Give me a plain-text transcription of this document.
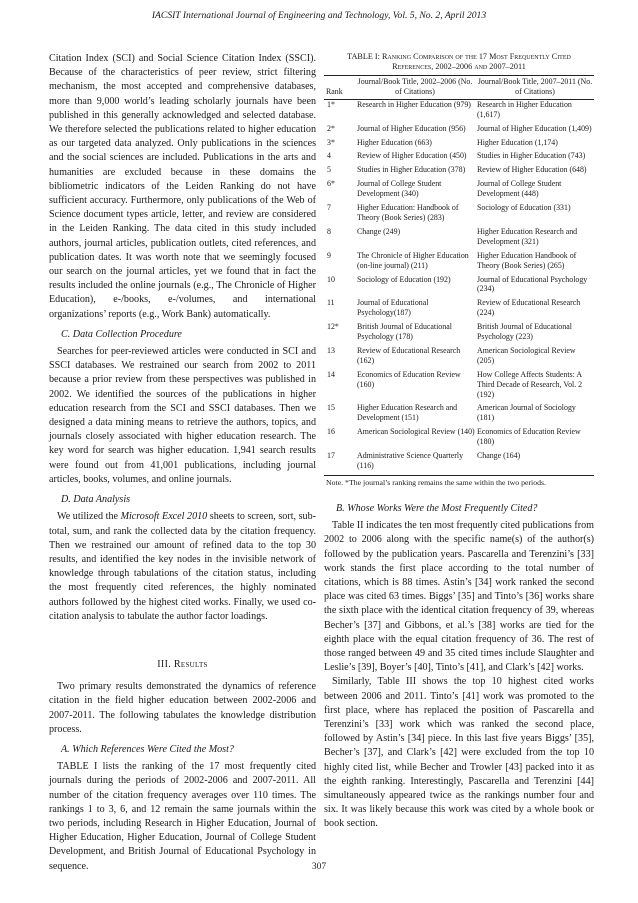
IACSIT International Journal of Engineering and Technology, Vol. 5, No. 2, April 2013

Citation Index (SCI) and Social Science Citation Index (SSCI). Because of the characteristics of peer review, strict filtering mechanism, the most accepted and comprehensive databases, more than 9,000 world’s leading scholarly journals have been published in this generally acknowledged and selected database. We therefore selected the publications related to higher education as our targeted data analyzed. Only publications in the sciences and the social sciences are included. Publications in the arts and humanities are excluded because in these domains the bibliometric indicators of the Leiden Ranking do not have sufficient accuracy. Furthermore, only publications of the Web of Science document types article, letter, and review are considered in the Leiden Ranking. The data cited in this study included authors, journal articles, publication outlets, cited references, and publication dates. It was worth note that we seemingly focused our search on the journal articles, yet we found that in fact the results included the online journals (e.g., The Chronicle of Higher Education), e-/books, e-/volumes, and international organizations’ reports (e.g., Work Bank) automatically.

C. Data Collection Procedure

Searches for peer-reviewed articles were conducted in SCI and SSCI databases. We restrained our search from 2002 to 2011 because a prior review from these perspectives was published in 2002. We identified the sources of the publications in higher education research from the SCI and SSCI databases. Then we designed a data mining means to retrieve the authors, topics, and journals closely associated with higher education research. The key word for search was higher education. 1,941 search results were found out from 41,001 publications, including journal articles, books, volumes, and online journals.

D. Data Analysis

We utilized the Microsoft Excel 2010 sheets to screen, sort, sub-total, sum, and rank the collected data by the citation frequency. Then we restrained our amount of refined data to the top 30 results, and identified the key nodes in the invisible network of knowledge through tabulations of the citation status, including the most frequently cited references, the highly nominated authors followed by the highest cited works. Finally, we used co-citation analysis to tabulate the author factor loadings.

III. Results

Two primary results demonstrated the dynamics of reference citation in the field higher education between 2002-2006 and 2007-2011. The following tabulates the knowledge distribution process.

A. Which References Were Cited the Most?

TABLE I lists the ranking of the 17 most frequently cited journals during the periods of 2002-2006 and 2007-2011. All number of the citation frequency averages over 110 times. The rankings 1 to 3, 6, and 12 remain the same journals within the two periods, including Research in Higher Education, Journal of Higher Education, Higher Education, Journal of College Student Development, and British Journal of Educational Psychology in sequence.

TABLE I: Ranking Comparison of the 17 Most Frequently Cited References, 2002–2006 and 2007–2011
Rank	Journal/Book Title, 2002–2006 (No. of Citations)	Journal/Book Title, 2007–2011 (No. of Citations)
1*	Research in Higher Education (979)	Research in Higher Education (1,617)
2*	Journal of Higher Education (956)	Journal of Higher Education (1,409)
3*	Higher Education (663)	Higher Education (1,174)
4	Review of Higher Education (450)	Studies in Higher Education (743)
5	Studies in Higher Education (378)	Review of Higher Education (648)
6*	Journal of College Student Development (340)	Journal of College Student Development (448)
7	Higher Education: Handbook of Theory (Book Series) (283)	Sociology of Education (331)
8	Change (249)	Higher Education Research and Development (321)
9	The Chronicle of Higher Education (on-line journal) (211)	Higher Education Handbook of Theory (Book Series) (265)
10	Sociology of Education (192)	Journal of Educational Psychology (234)
11	Journal of Educational Psychology(187)	Review of Educational Research (224)
12*	British Journal of Educational Psychology (178)	British Journal of Educational Psychology (223)
13	Review of Educational Research (162)	American Sociological Review (205)
14	Economics of Education Review (160)	How College Affects Students: A Third Decade of Research, Vol. 2 (192)
15	Higher Education Research and Development (151)	American Journal of Sociology (181)
16	American Sociological Review (140)	Economics of Education Review (180)
17	Administrative Science Quarterly (116)	Change (164)
Note. *The journal’s ranking remains the same within the two periods.

B. Whose Works Were the Most Frequently Cited?

Table II indicates the ten most frequently cited publications from 2002 to 2006 along with the specific name(s) of the author(s) followed by the publication years. Pascarella and Terenzini’s [33] work stands the first place according to the total number of citations, which is 88 times. Astin’s [34] work ranked the second place was cited 63 times. Biggs’ [35] and Tinto’s [36] works share the sixth place with the identical citation frequency of 39, whereas Becher’s [37] and Gibbons, et al.’s [38] works are tied for the eighth place with the equal citation frequency of 36. The rest of those ranged between 49 and 35 cited times include Slaughter and Leslie’s [39], Boyer’s [40], Tinto’s [41], and Clark’s [42] works.

Similarly, Table III shows the top 10 highest cited works between 2006 and 2011. Tinto’s [41] work was promoted to the first place, where has replaced the position of Pascarella and Terenzini’s [33] work which was ranked the second place, followed by Astin’s [34] piece. In this last five years Biggs’ [35], Becher’s [37], and Clark’s [42] were excluded from the top 10 highly cited list, while Becher and Trowler [43] packed into it as the eighth ranking. Interestingly, Pascarella and Terenzini [44] simultaneously appeared twice as the rankings number four and six. It was likely because this work was cited by a whole book or book section.

307
